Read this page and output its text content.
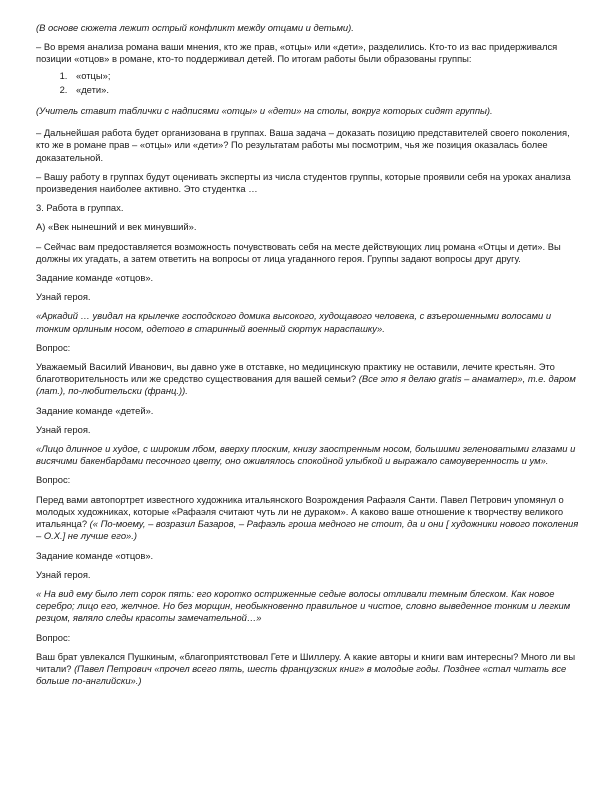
(В основе сюжета лежит острый конфликт между отцами и детьми).

– Во время анализа романа ваши мнения, кто же прав, «отцы» или «дети», разделились. Кто-то из вас придерживался позиции «отцов» в романе, кто-то поддерживал детей. По итогам работы были образованы группы:

1. «отцы»;
2. «дети».

(Учитель ставит таблички с надписями «отцы» и «дети» на столы, вокруг которых сидят группы).

– Дальнейшая работа будет организована в группах. Ваша задача – доказать позицию представителей своего поколения, кто же в романе прав – «отцы» или «дети»? По результатам работы мы посмотрим, чья же позиция оказалась более доказательной.

– Вашу работу в группах будут оценивать эксперты из числа студентов группы, которые проявили себя на уроках анализа произведения наиболее активно. Это студентка …

3. Работа в группах.

А) «Век нынешний и век минувший».

– Сейчас вам предоставляется возможность почувствовать себя на месте действующих лиц романа «Отцы и дети». Вы должны их угадать, а затем ответить на вопросы от лица угаданного героя. Группы задают вопросы друг другу.

Задание команде «отцов».

Узнай героя.

«Аркадий … увидал на крылечке господского домика высокого, худощавого человека, с взъерошенными волосами и тонким орлиным носом, одетого в старинный военный сюртук нараспашку».

Вопрос:

Уважаемый Василий Иванович, вы давно уже в отставке, но медицинскую практику не оставили, лечите крестьян. Это благотворительность или же средство существования для вашей семьи? (Все это я делаю gratis – анаматер», т.е. даром (лат.), по-любительски (франц.)).

Задание команде «детей».

Узнай героя.

«Лицо длинное и худое, с широким лбом, вверху плоским, книзу заостренным носом, большими зеленоватыми глазами и висячими бакенбардами песочного цвету, оно оживлялось спокойной улыбкой и выражало самоуверенность и ум».

Вопрос:

Перед вами автопортрет известного художника итальянского Возрождения Рафаэля Санти. Павел Петрович упомянул о молодых художниках, которые «Рафаэля считают чуть ли не дураком». А каково ваше отношение к творчеству великого итальянца? (« По-моему, – возразил Базаров, – Рафаэль гроша медного не стоит, да и они [ художники нового поколения – О.Х.] не лучше его».)

Задание команде «отцов».

Узнай героя.

« На вид ему было лет сорок пять: его коротко остриженные седые волосы отливали темным блеском. Как новое серебро; лицо его, желчное. Но без морщин, необыкновенно правильное и чистое, словно выведенное тонким и легким резцом, являло следы красоты замечательной…»

Вопрос:

Ваш брат увлекался Пушкиным, «благоприятствовал Гете и Шиллеру. А какие авторы и книги вам интересны? Много ли вы читали? (Павел Петрович «прочел всего пять, шесть французских книг» в молодые годы. Позднее «стал читать все больше по-английски».)
